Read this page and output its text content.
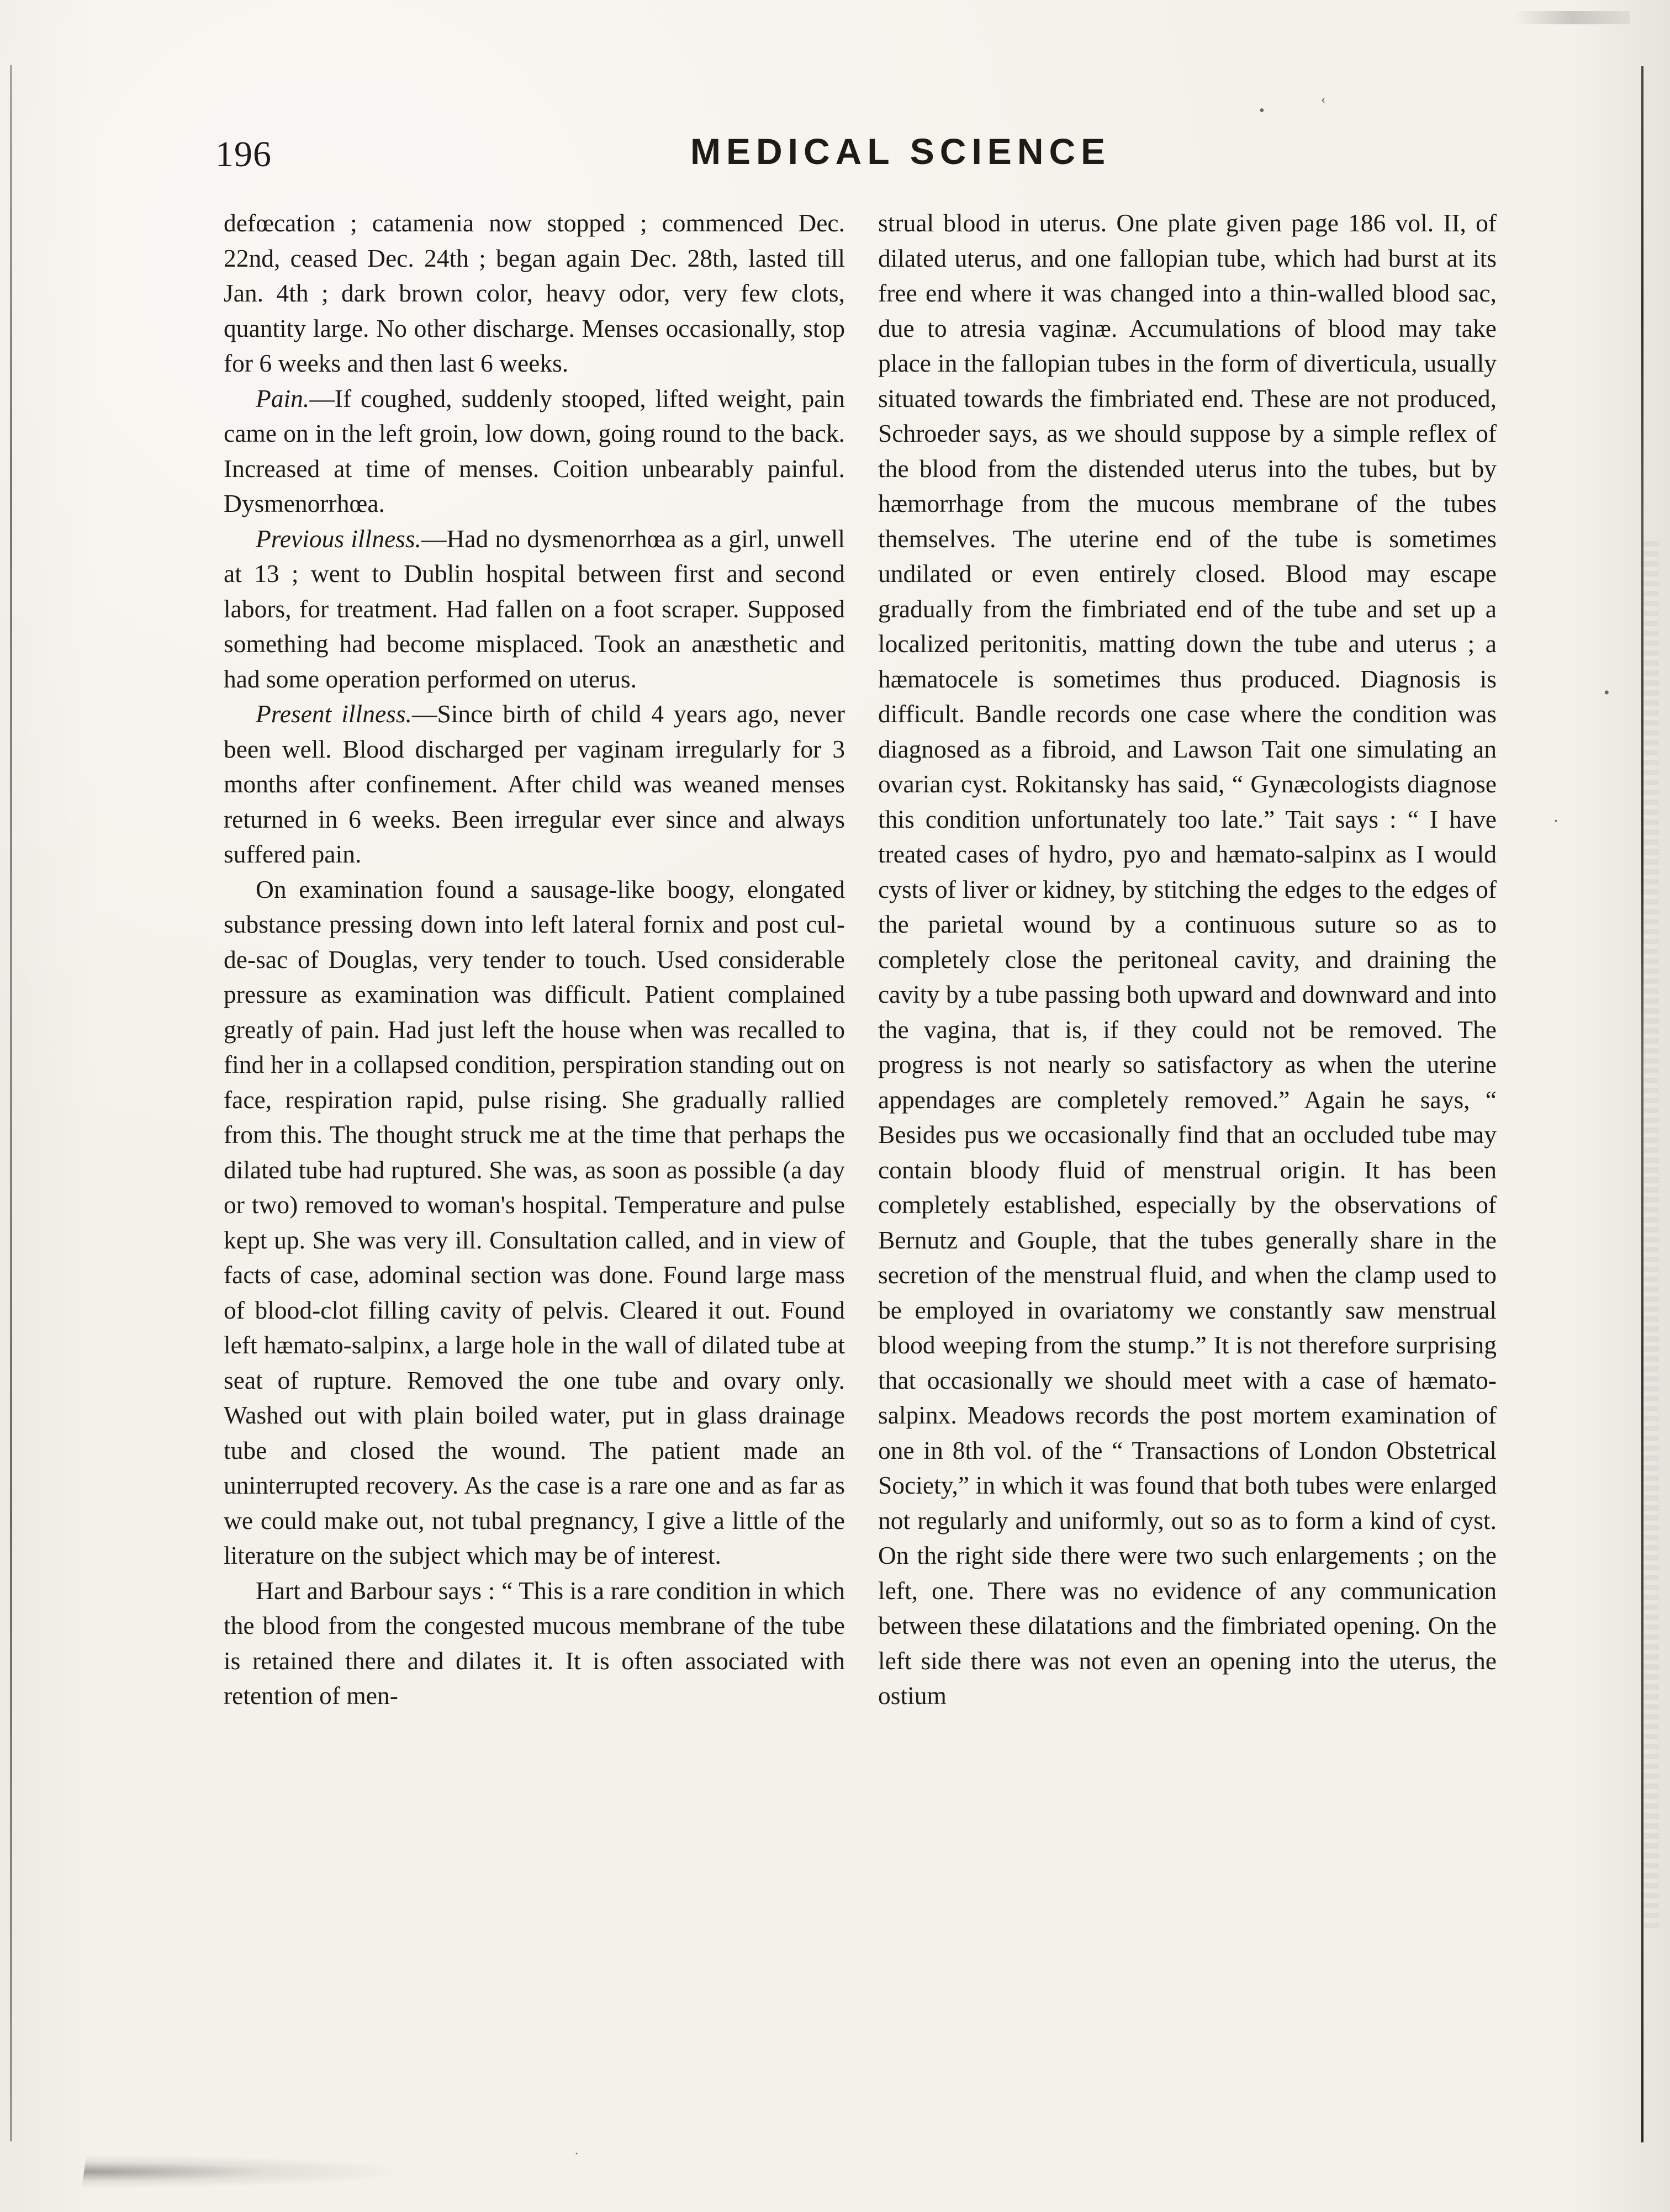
196	MEDICAL SCIENCE

defœcation ; catamenia now stopped ; commenced Dec. 22nd, ceased Dec. 24th ; began again Dec. 28th, lasted till Jan. 4th ; dark brown color, heavy odor, very few clots, quantity large. No other discharge. Menses occasionally, stop for 6 weeks and then last 6 weeks.

Pain.—If coughed, suddenly stooped, lifted weight, pain came on in the left groin, low down, going round to the back. Increased at time of menses. Coition unbearably painful. Dysmenorrhœa.

Previous illness.—Had no dysmenorrhœa as a girl, unwell at 13 ; went to Dublin hospital between first and second labors, for treatment. Had fallen on a foot scraper. Supposed something had become misplaced. Took an anæsthetic and had some operation performed on uterus.

Present illness.—Since birth of child 4 years ago, never been well. Blood discharged per vaginam irregularly for 3 months after confinement. After child was weaned menses returned in 6 weeks. Been irregular ever since and always suffered pain.

On examination found a sausage-like boogy, elongated substance pressing down into left lateral fornix and post cul-de-sac of Douglas, very tender to touch. Used considerable pressure as examination was difficult. Patient complained greatly of pain. Had just left the house when was recalled to find her in a collapsed condition, perspiration standing out on face, respiration rapid, pulse rising. She gradually rallied from this. The thought struck me at the time that perhaps the dilated tube had ruptured. She was, as soon as possible (a day or two) removed to woman's hospital. Temperature and pulse kept up. She was very ill. Consultation called, and in view of facts of case, adominal section was done. Found large mass of blood-clot filling cavity of pelvis. Cleared it out. Found left hæmato-salpinx, a large hole in the wall of dilated tube at seat of rupture. Removed the one tube and ovary only. Washed out with plain boiled water, put in glass drainage tube and closed the wound. The patient made an uninterrupted recovery. As the case is a rare one and as far as we could make out, not tubal pregnancy, I give a little of the literature on the subject which may be of interest.

Hart and Barbour says : “ This is a rare condition in which the blood from the congested mucous membrane of the tube is retained there and dilates it. It is often associated with retention of men-

strual blood in uterus. One plate given page 186 vol. II, of dilated uterus, and one fallopian tube, which had burst at its free end where it was changed into a thin-walled blood sac, due to atresia vaginæ. Accumulations of blood may take place in the fallopian tubes in the form of diverticula, usually situated towards the fimbriated end. These are not produced, Schroeder says, as we should suppose by a simple reflex of the blood from the distended uterus into the tubes, but by hæmorrhage from the mucous membrane of the tubes themselves. The uterine end of the tube is sometimes undilated or even entirely closed. Blood may escape gradually from the fimbriated end of the tube and set up a localized peritonitis, matting down the tube and uterus ; a hæmatocele is sometimes thus produced. Diagnosis is difficult. Bandle records one case where the condition was diagnosed as a fibroid, and Lawson Tait one simulating an ovarian cyst. Rokitansky has said, “ Gynæcologists diagnose this condition unfortunately too late.” Tait says : “ I have treated cases of hydro, pyo and hæmato-salpinx as I would cysts of liver or kidney, by stitching the edges to the edges of the parietal wound by a continuous suture so as to completely close the peritoneal cavity, and draining the cavity by a tube passing both upward and downward and into the vagina, that is, if they could not be removed. The progress is not nearly so satisfactory as when the uterine appendages are completely removed.” Again he says, “ Besides pus we occasionally find that an occluded tube may contain bloody fluid of menstrual origin. It has been completely established, especially by the observations of Bernutz and Gouple, that the tubes generally share in the secretion of the menstrual fluid, and when the clamp used to be employed in ovariatomy we constantly saw menstrual blood weeping from the stump.” It is not therefore surprising that occasionally we should meet with a case of hæmato-salpinx. Meadows records the post mortem examination of one in 8th vol. of the “ Transactions of London Obstetrical Society,” in which it was found that both tubes were enlarged not regularly and uniformly, out so as to form a kind of cyst. On the right side there were two such enlargements ; on the left, one. There was no evidence of any communication between these dilatations and the fimbriated opening. On the left side there was not even an opening into the uterus, the ostium

•
‹
•
·
·
